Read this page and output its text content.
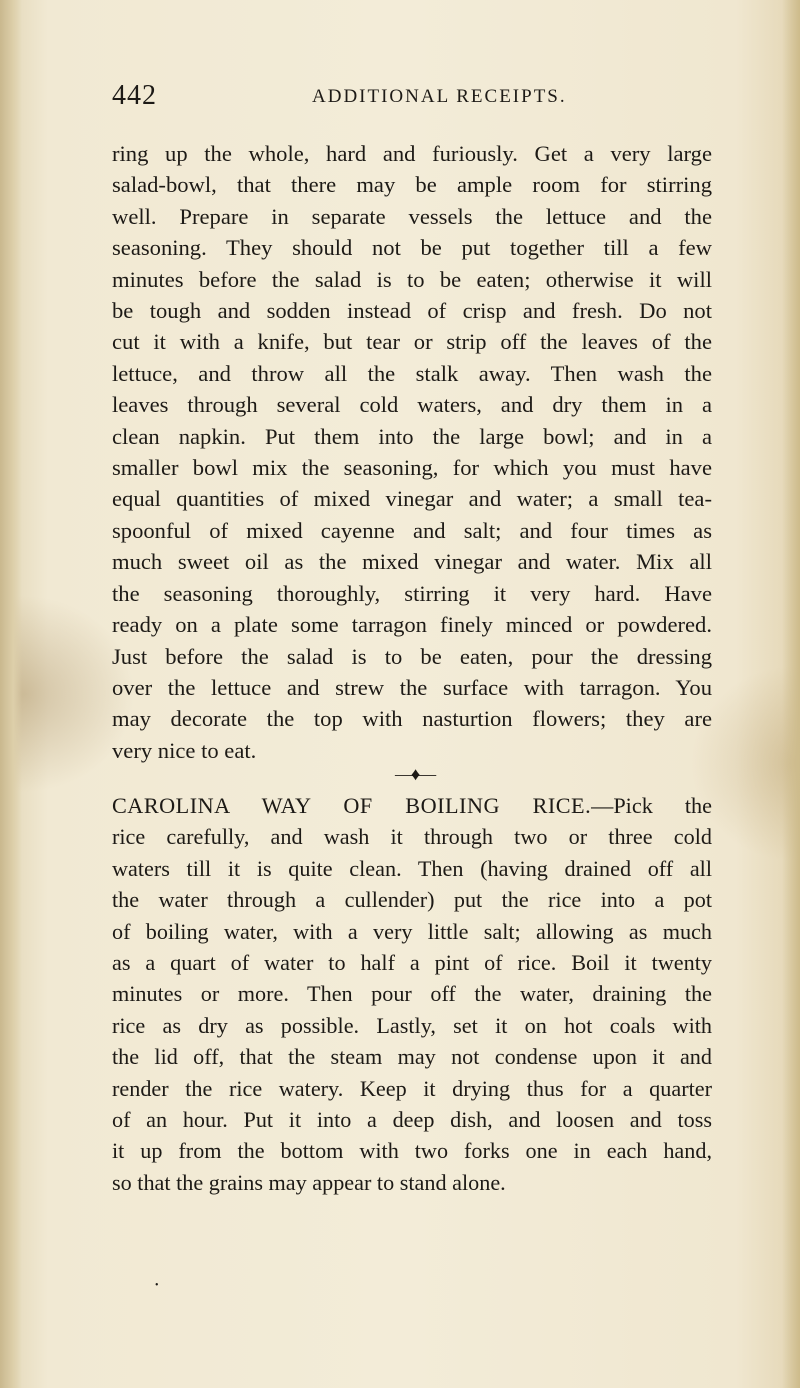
442	ADDITIONAL RECEIPTS.
ring up the whole, hard and furiously. Get a very large
salad-bowl, that there may be ample room for stirring
well. Prepare in separate vessels the lettuce and the
seasoning. They should not be put together till a few
minutes before the salad is to be eaten; otherwise it will
be tough and sodden instead of crisp and fresh. Do not
cut it with a knife, but tear or strip off the leaves of the
lettuce, and throw all the stalk away. Then wash the
leaves through several cold waters, and dry them in a
clean napkin. Put them into the large bowl; and in a
smaller bowl mix the seasoning, for which you must have
equal quantities of mixed vinegar and water; a small tea-
spoonful of mixed cayenne and salt; and four times as
much sweet oil as the mixed vinegar and water. Mix all
the seasoning thoroughly, stirring it very hard. Have
ready on a plate some tarragon finely minced or powdered.
Just before the salad is to be eaten, pour the dressing
over the lettuce and strew the surface with tarragon. You
may decorate the top with nasturtion flowers; they are
very nice to eat.
—♦—
CAROLINA WAY OF BOILING RICE.—Pick the
rice carefully, and wash it through two or three cold
waters till it is quite clean. Then (having drained off all
the water through a cullender) put the rice into a pot
of boiling water, with a very little salt; allowing as much
as a quart of water to half a pint of rice. Boil it twenty
minutes or more. Then pour off the water, draining the
rice as dry as possible. Lastly, set it on hot coals with
the lid off, that the steam may not condense upon it and
render the rice watery. Keep it drying thus for a quarter
of an hour. Put it into a deep dish, and loosen and toss
it up from the bottom with two forks one in each hand,
so that the grains may appear to stand alone.
•
